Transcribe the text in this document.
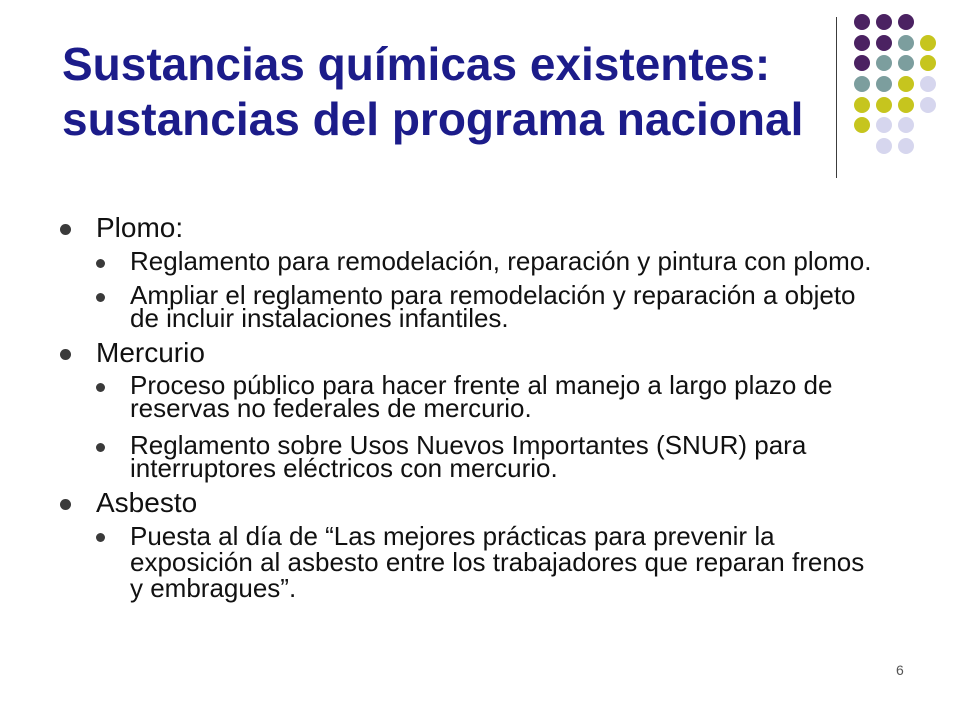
Sustancias químicas existentes:
sustancias del programa nacional
Plomo:
Reglamento para remodelación, reparación y pintura con plomo.
Ampliar el reglamento para remodelación y reparación a objeto
de incluir instalaciones infantiles.
Mercurio
Proceso público para hacer frente al manejo a largo plazo de
reservas no federales de mercurio.
Reglamento sobre Usos Nuevos Importantes (SNUR) para
interruptores eléctricos con mercurio.
Asbesto
Puesta al día de “Las mejores prácticas para prevenir la
exposición al asbesto entre los trabajadores que reparan frenos
y embragues”.
6
